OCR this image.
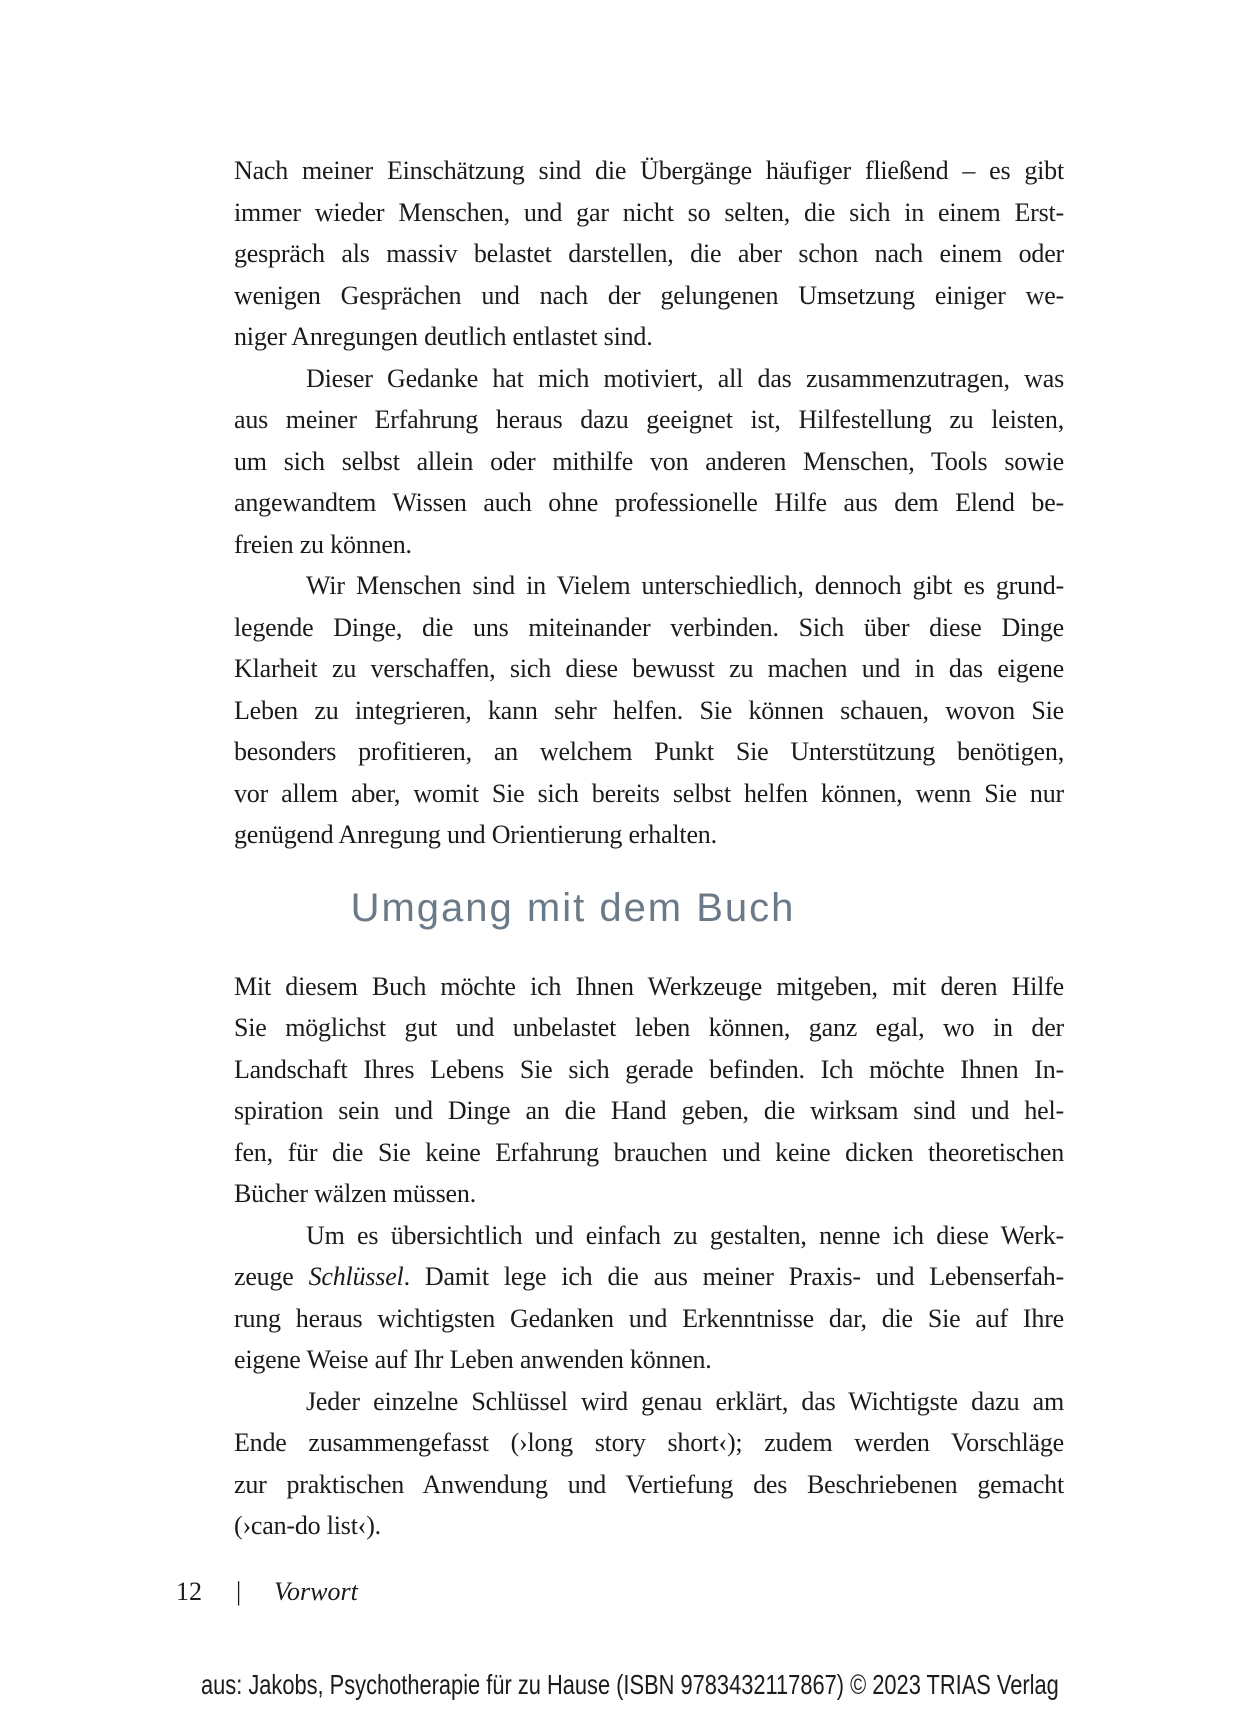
Nach meiner Einschätzung sind die Übergänge häufiger fließend – es gibt
immer wieder Menschen, und gar nicht so selten, die sich in einem Erst-
gespräch als massiv belastet darstellen, die aber schon nach einem oder
wenigen Gesprächen und nach der gelungenen Umsetzung einiger we-
niger Anregungen deutlich entlastet sind.
Dieser Gedanke hat mich motiviert, all das zusammenzutragen, was
aus meiner Erfahrung heraus dazu geeignet ist, Hilfestellung zu leisten,
um sich selbst allein oder mithilfe von anderen Menschen, Tools sowie
angewandtem Wissen auch ohne professionelle Hilfe aus dem Elend be-
freien zu können.
Wir Menschen sind in Vielem unterschiedlich, dennoch gibt es grund-
legende Dinge, die uns miteinander verbinden. Sich über diese Dinge
Klarheit zu verschaffen, sich diese bewusst zu machen und in das eigene
Leben zu integrieren, kann sehr helfen. Sie können schauen, wovon Sie
besonders profitieren, an welchem Punkt Sie Unterstützung benötigen,
vor allem aber, womit Sie sich bereits selbst helfen können, wenn Sie nur
genügend Anregung und Orientierung erhalten.
Umgang mit dem Buch
Mit diesem Buch möchte ich Ihnen Werkzeuge mitgeben, mit deren Hilfe
Sie möglichst gut und unbelastet leben können, ganz egal, wo in der
Landschaft Ihres Lebens Sie sich gerade befinden. Ich möchte Ihnen In-
spiration sein und Dinge an die Hand geben, die wirksam sind und hel-
fen, für die Sie keine Erfahrung brauchen und keine dicken theoretischen
Bücher wälzen müssen.
Um es übersichtlich und einfach zu gestalten, nenne ich diese Werk-
zeuge Schlüssel. Damit lege ich die aus meiner Praxis- und Lebenserfah-
rung heraus wichtigsten Gedanken und Erkenntnisse dar, die Sie auf Ihre
eigene Weise auf Ihr Leben anwenden können.
Jeder einzelne Schlüssel wird genau erklärt, das Wichtigste dazu am
Ende zusammengefasst (›long story short‹); zudem werden Vorschläge
zur praktischen Anwendung und Vertiefung des Beschriebenen gemacht
(›can-do list‹).
12 | Vorwort
aus: Jakobs, Psychotherapie für zu Hause (ISBN 9783432117867) © 2023 TRIAS Verlag
